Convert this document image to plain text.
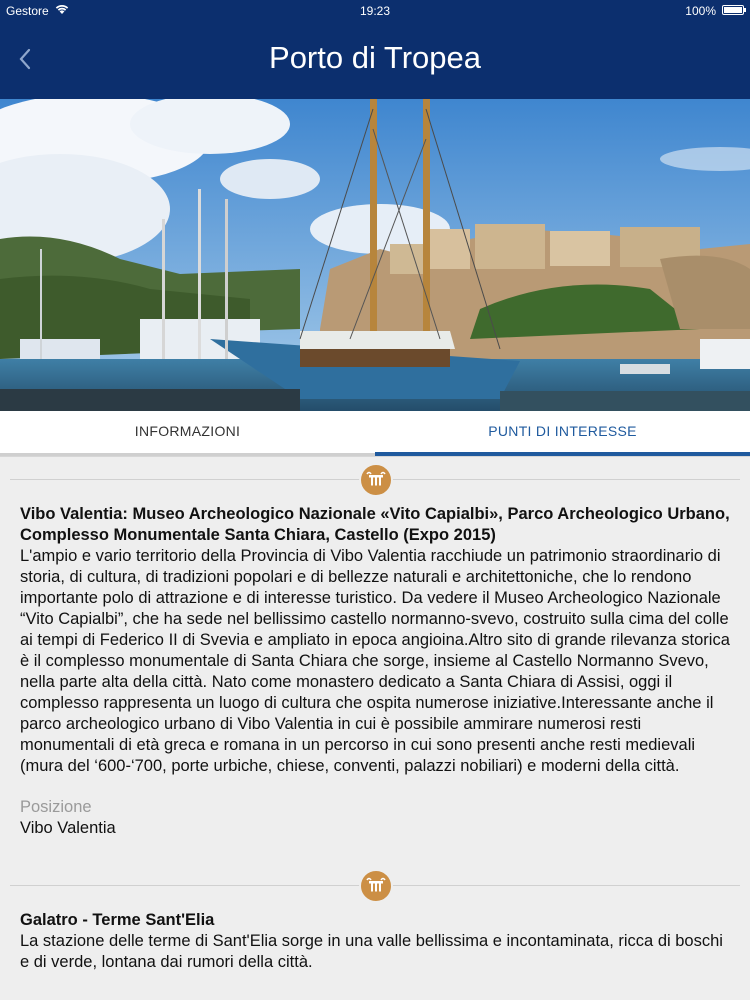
Gestore	19:23	100%
Porto di Tropea
INFORMAZIONI	PUNTI DI INTERESSE

Vibo Valentia: Museo Archeologico Nazionale «Vito Capialbi», Parco Archeologico Urbano, Complesso Monumentale Santa Chiara, Castello (Expo 2015)

L'ampio e vario territorio della Provincia di Vibo Valentia racchiude un patrimonio straordinario di storia, di cultura, di tradizioni popolari e di bellezze naturali e architettoniche, che lo rendono importante polo di attrazione e di interesse turistico. Da vedere il Museo Archeologico Nazionale “Vito Capialbi”, che ha sede nel bellissimo castello normanno-svevo, costruito sulla cima del colle ai tempi di Federico II di Svevia e ampliato in epoca angioina.Altro sito di grande rilevanza storica è il complesso monumentale di Santa Chiara che sorge, insieme al Castello Normanno Svevo, nella parte alta della città. Nato come monastero dedicato a Santa Chiara di Assisi, oggi il complesso rappresenta un luogo di cultura che ospita numerose iniziative.Interessante anche il parco archeologico urbano di Vibo Valentia in cui è possibile ammirare numerosi resti monumentali di età greca e romana in un percorso in cui sono presenti anche resti medievali (mura del ‘600-‘700, porte urbiche, chiese, conventi, palazzi nobiliari) e moderni della città.

Posizione
Vibo Valentia

Galatro - Terme Sant'Elia

La stazione delle terme di Sant'Elia sorge in una valle bellissima e incontaminata, ricca di boschi e di verde, lontana dai rumori della città.
